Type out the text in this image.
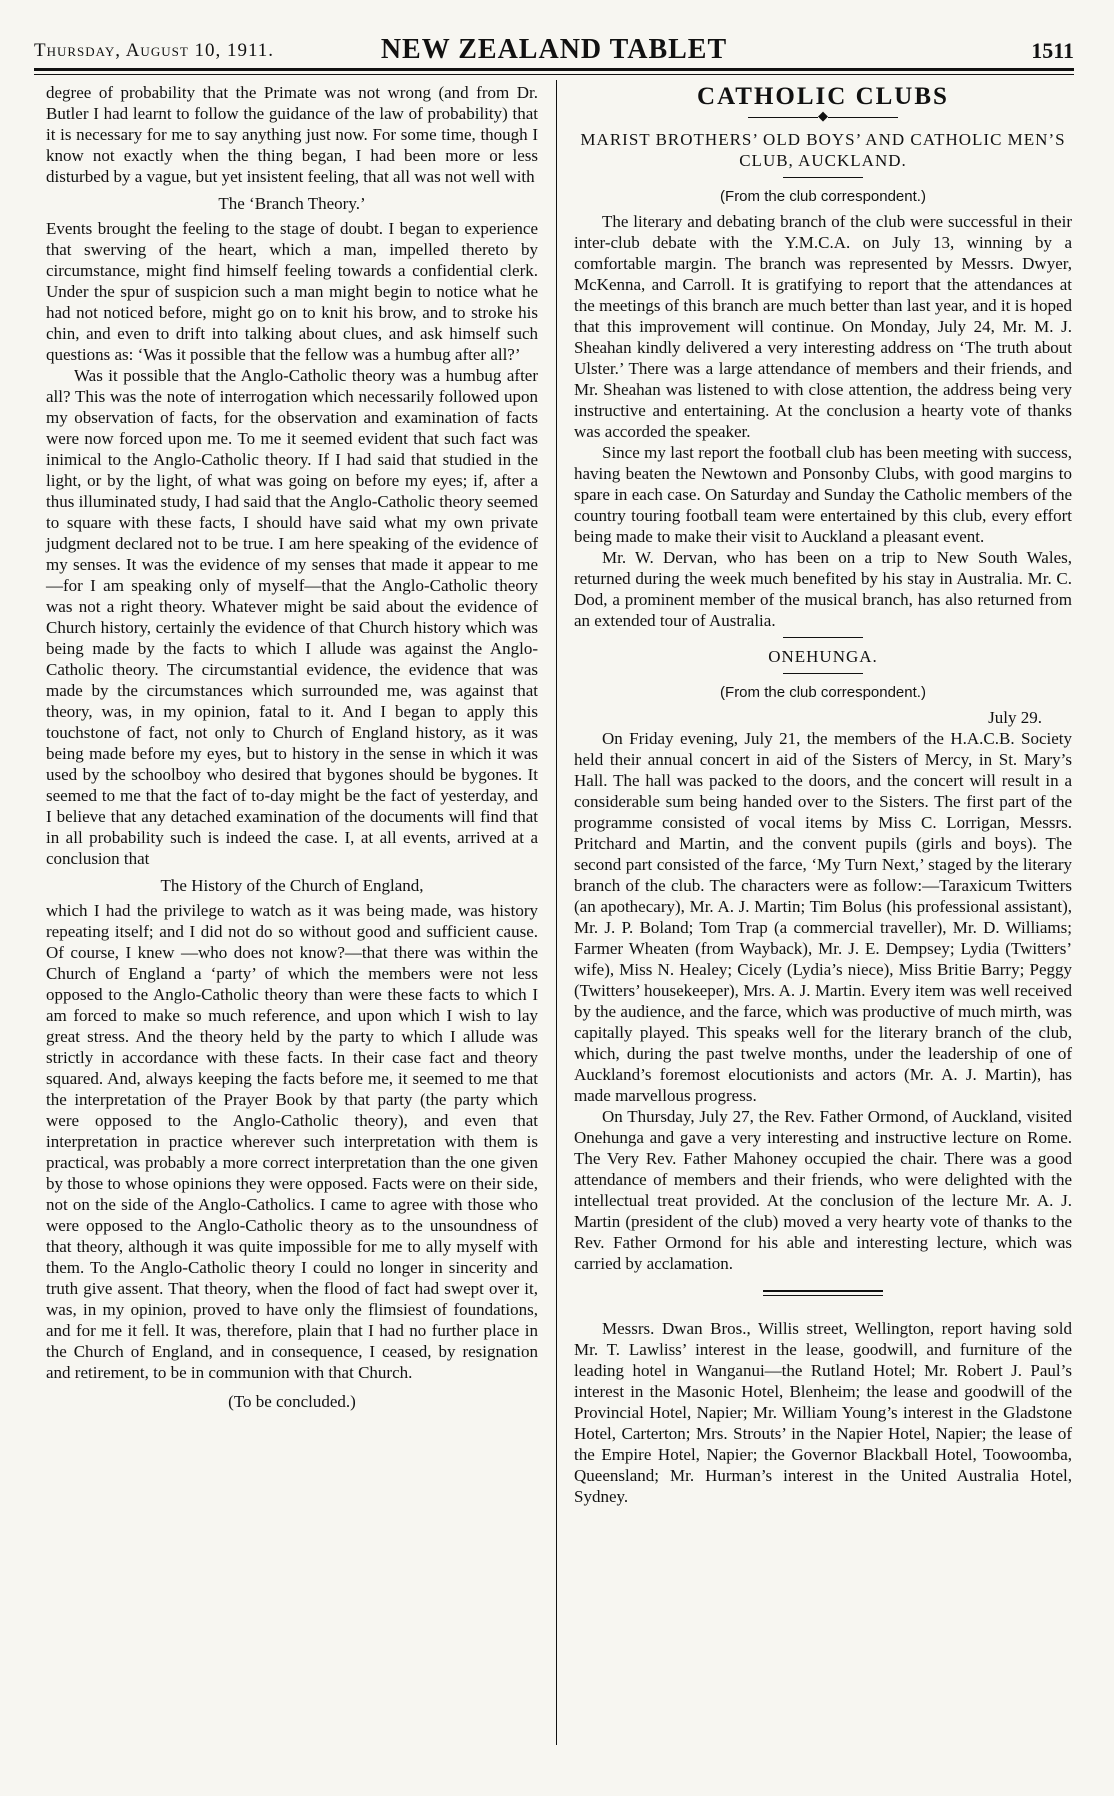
Thursday, August 10, 1911.	NEW ZEALAND TABLET	1511

degree of probability that the Primate was not wrong (and from Dr. Butler I had learnt to follow the guidance of the law of probability) that it is necessary for me to say anything just now. For some time, though I know not exactly when the thing began, I had been more or less disturbed by a vague, but yet insistent feeling, that all was not well with

The ‘Branch Theory.’

Events brought the feeling to the stage of doubt. I began to experience that swerving of the heart, which a man, impelled thereto by circumstance, might find himself feeling towards a confidential clerk. Under the spur of suspicion such a man might begin to notice what he had not noticed before, might go on to knit his brow, and to stroke his chin, and even to drift into talking about clues, and ask himself such questions as: ‘Was it possible that the fellow was a humbug after all?’

Was it possible that the Anglo-Catholic theory was a humbug after all? This was the note of interrogation which necessarily followed upon my observation of facts, for the observation and examination of facts were now forced upon me. To me it seemed evident that such fact was inimical to the Anglo-Catholic theory. If I had said that studied in the light, or by the light, of what was going on before my eyes; if, after a thus illuminated study, I had said that the Anglo-Catholic theory seemed to square with these facts, I should have said what my own private judgment declared not to be true. I am here speaking of the evidence of my senses. It was the evidence of my senses that made it appear to me—for I am speaking only of myself—that the Anglo-Catholic theory was not a right theory. Whatever might be said about the evidence of Church history, certainly the evidence of that Church history which was being made by the facts to which I allude was against the Anglo-Catholic theory. The circumstantial evidence, the evidence that was made by the circumstances which surrounded me, was against that theory, was, in my opinion, fatal to it. And I began to apply this touchstone of fact, not only to Church of England history, as it was being made before my eyes, but to history in the sense in which it was used by the schoolboy who desired that bygones should be bygones. It seemed to me that the fact of to-day might be the fact of yesterday, and I believe that any detached examination of the documents will find that in all probability such is indeed the case. I, at all events, arrived at a conclusion that

The History of the Church of England,

which I had the privilege to watch as it was being made, was history repeating itself; and I did not do so without good and sufficient cause. Of course, I knew —who does not know?—that there was within the Church of England a ‘party’ of which the members were not less opposed to the Anglo-Catholic theory than were these facts to which I am forced to make so much reference, and upon which I wish to lay great stress. And the theory held by the party to which I allude was strictly in accordance with these facts. In their case fact and theory squared. And, always keeping the facts before me, it seemed to me that the interpretation of the Prayer Book by that party (the party which were opposed to the Anglo-Catholic theory), and even that interpretation in practice wherever such interpretation with them is practical, was probably a more correct interpretation than the one given by those to whose opinions they were opposed. Facts were on their side, not on the side of the Anglo-Catholics. I came to agree with those who were opposed to the Anglo-Catholic theory as to the unsoundness of that theory, although it was quite impossible for me to ally myself with them. To the Anglo-Catholic theory I could no longer in sincerity and truth give assent. That theory, when the flood of fact had swept over it, was, in my opinion, proved to have only the flimsiest of foundations, and for me it fell. It was, therefore, plain that I had no further place in the Church of England, and in consequence, I ceased, by resignation and retirement, to be in communion with that Church.

(To be concluded.)
CATHOLIC CLUBS
◆
MARIST BROTHERS’ OLD BOYS’ AND CATHOLIC MEN’S CLUB, AUCKLAND.
(From the club correspondent.)

The literary and debating branch of the club were successful in their inter-club debate with the Y.M.C.A. on July 13, winning by a comfortable margin. The branch was represented by Messrs. Dwyer, McKenna, and Carroll. It is gratifying to report that the attendances at the meetings of this branch are much better than last year, and it is hoped that this improvement will continue. On Monday, July 24, Mr. M. J. Sheahan kindly delivered a very interesting address on ‘The truth about Ulster.’ There was a large attendance of members and their friends, and Mr. Sheahan was listened to with close attention, the address being very instructive and entertaining. At the conclusion a hearty vote of thanks was accorded the speaker.

Since my last report the football club has been meeting with success, having beaten the Newtown and Ponsonby Clubs, with good margins to spare in each case. On Saturday and Sunday the Catholic members of the country touring football team were entertained by this club, every effort being made to make their visit to Auckland a pleasant event.

Mr. W. Dervan, who has been on a trip to New South Wales, returned during the week much benefited by his stay in Australia. Mr. C. Dod, a prominent member of the musical branch, has also returned from an extended tour of Australia.

ONEHUNGA.
(From the club correspondent.)
July 29.

On Friday evening, July 21, the members of the H.A.C.B. Society held their annual concert in aid of the Sisters of Mercy, in St. Mary’s Hall. The hall was packed to the doors, and the concert will result in a considerable sum being handed over to the Sisters. The first part of the programme consisted of vocal items by Miss C. Lorrigan, Messrs. Pritchard and Martin, and the convent pupils (girls and boys). The second part consisted of the farce, ‘My Turn Next,’ staged by the literary branch of the club. The characters were as follow:—Taraxicum Twitters (an apothecary), Mr. A. J. Martin; Tim Bolus (his professional assistant), Mr. J. P. Boland; Tom Trap (a commercial traveller), Mr. D. Williams; Farmer Wheaten (from Wayback), Mr. J. E. Dempsey; Lydia (Twitters’ wife), Miss N. Healey; Cicely (Lydia’s niece), Miss Britie Barry; Peggy (Twitters’ housekeeper), Mrs. A. J. Martin. Every item was well received by the audience, and the farce, which was productive of much mirth, was capitally played. This speaks well for the literary branch of the club, which, during the past twelve months, under the leadership of one of Auckland’s foremost elocutionists and actors (Mr. A. J. Martin), has made marvellous progress.

On Thursday, July 27, the Rev. Father Ormond, of Auckland, visited Onehunga and gave a very interesting and instructive lecture on Rome. The Very Rev. Father Mahoney occupied the chair. There was a good attendance of members and their friends, who were delighted with the intellectual treat provided. At the conclusion of the lecture Mr. A. J. Martin (president of the club) moved a very hearty vote of thanks to the Rev. Father Ormond for his able and interesting lecture, which was carried by acclamation.

Messrs. Dwan Bros., Willis street, Wellington, report having sold Mr. T. Lawliss’ interest in the lease, goodwill, and furniture of the leading hotel in Wanganui—the Rutland Hotel; Mr. Robert J. Paul’s interest in the Masonic Hotel, Blenheim; the lease and goodwill of the Provincial Hotel, Napier; Mr. William Young’s interest in the Gladstone Hotel, Carterton; Mrs. Strouts’ in the Napier Hotel, Napier; the lease of the Empire Hotel, Napier; the Governor Blackball Hotel, Toowoomba, Queensland; Mr. Hurman’s interest in the United Australia Hotel, Sydney.
